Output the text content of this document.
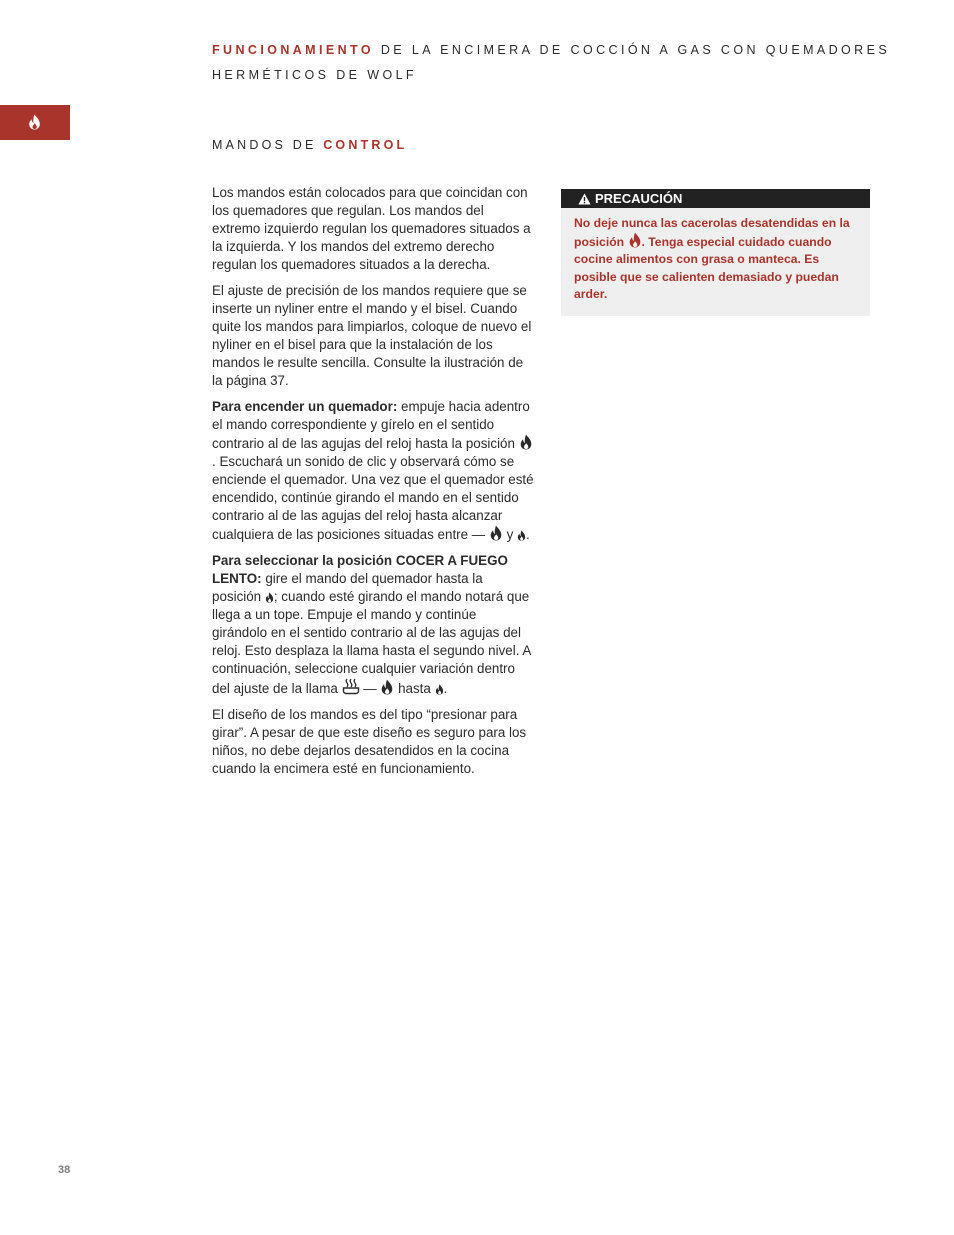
FUNCIONAMIENTO DE LA ENCIMERA DE COCCIÓN A GAS CON QUEMADORES
HERMÉTICOS DE WOLF
MANDOS DE CONTROL

Los mandos están colocados para que coincidan con los quemadores que regulan. Los mandos del extremo izquierdo regulan los quemadores situados a la izquierda. Y los mandos del extremo derecho regulan los quemadores situados a la derecha.

El ajuste de precisión de los mandos requiere que se inserte un nyliner entre el mando y el bisel. Cuando quite los mandos para limpiarlos, coloque de nuevo el nyliner en el bisel para que la instalación de los mandos le resulte sencilla. Consulte la ilustración de la página 37.

Para encender un quemador: empuje hacia adentro el mando correspondiente y gírelo en el sentido contrario al de las agujas del reloj hasta la posición . Escuchará un sonido de clic y observará cómo se enciende el quemador. Una vez que el quemador esté encendido, continúe girando el mando en el sentido contrario al de las agujas del reloj hasta alcanzar cualquiera de las posiciones situadas entre —  y .

Para seleccionar la posición COCER A FUEGO LENTO: gire el mando del quemador hasta la posición ; cuando esté girando el mando notará que llega a un tope. Empuje el mando y continúe girándolo en el sentido contrario al de las agujas del reloj. Esto desplaza la llama hasta el segundo nivel. A continuación, seleccione cualquier variación dentro del ajuste de la llama  —  hasta .

El diseño de los mandos es del tipo “presionar para girar”. A pesar de que este diseño es seguro para los niños, no debe dejarlos desatendidos en la cocina cuando la encimera esté en funcionamiento.

PRECAUCIÓN
No deje nunca las cacerolas desatendidas en la posición . Tenga especial cuidado cuando cocine alimentos con grasa o manteca. Es posible que se calienten demasiado y puedan arder.
38
